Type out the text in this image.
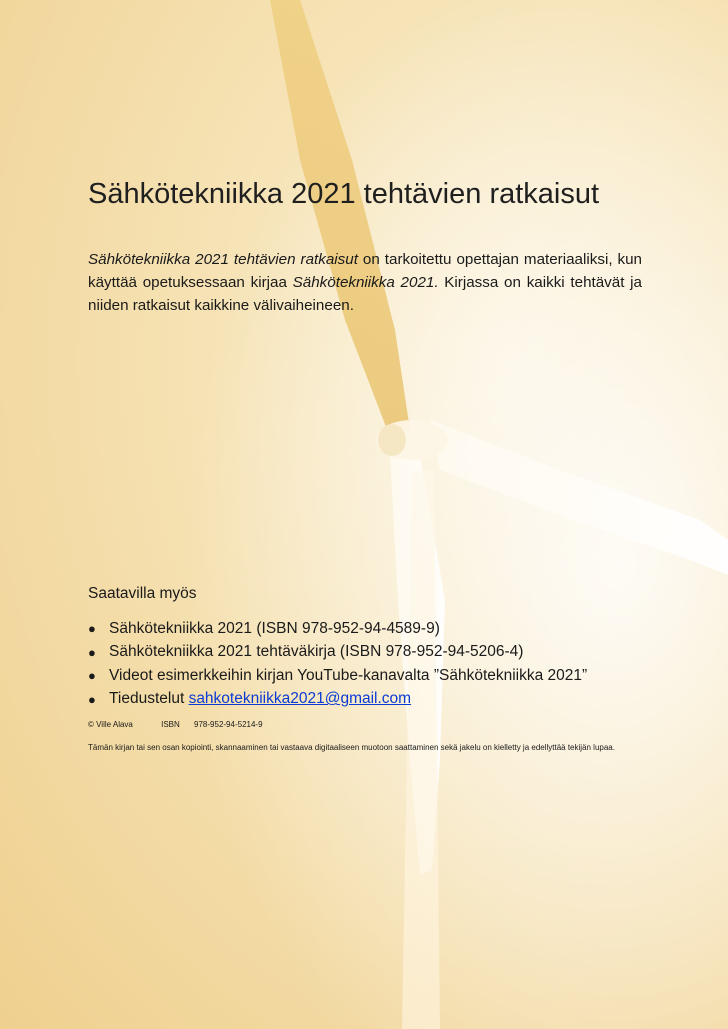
Sähkötekniikka 2021 tehtävien ratkaisut

Sähkötekniikka 2021 tehtävien ratkaisut on tarkoitettu opettajan materiaaliksi, kun käyttää opetuksessaan kirjaa Sähkötekniikka 2021. Kirjassa on kaikki tehtävät ja niiden ratkaisut kaikkine välivaiheineen.

Saatavilla myös
● Sähkötekniikka 2021 (ISBN 978-952-94-4589-9)
● Sähkötekniikka 2021 tehtäväkirja (ISBN 978-952-94-5206-4)
● Videot esimerkkeihin kirjan YouTube-kanavalta ”Sähkötekniikka 2021”
● Tiedustelut sahkotekniikka2021@gmail.com
© Ville Alava	ISBN 978-952-94-5214-9

Tämän kirjan tai sen osan kopiointi, skannaaminen tai vastaava digitaaliseen muotoon saattaminen sekä jakelu on kielletty ja edellyttää tekijän lupaa.
